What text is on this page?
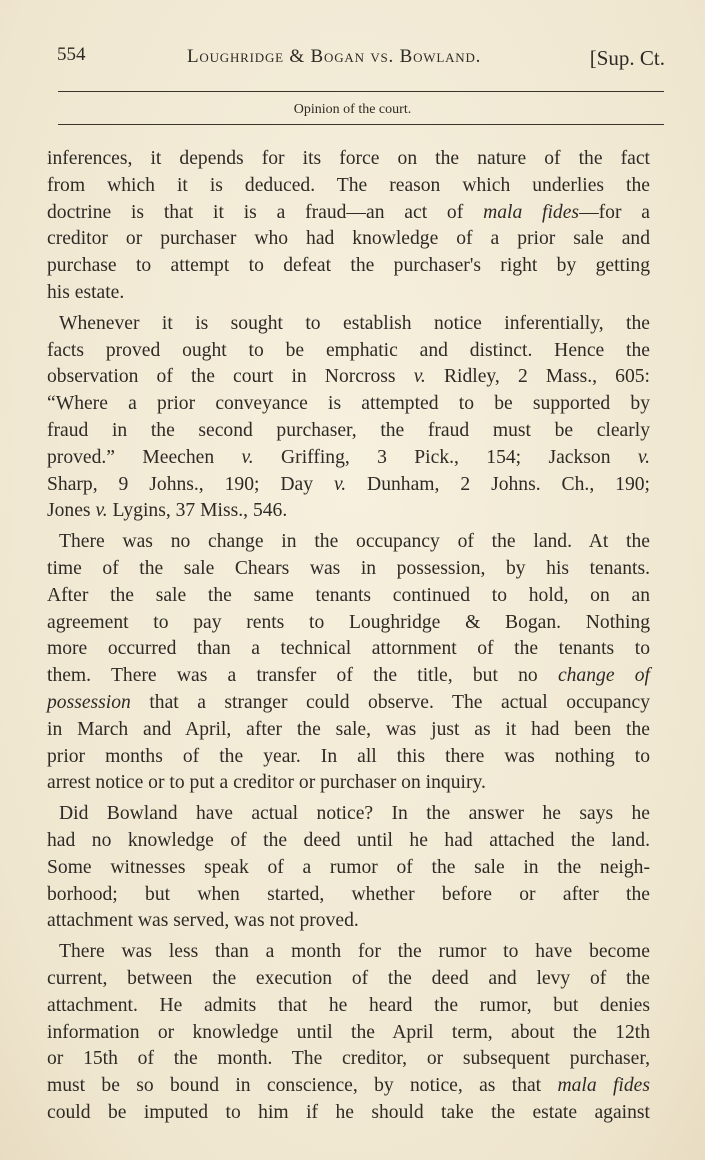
554	Loughridge & Bogan vs. Bowland.	[Sup. Ct.
Opinion of the court.
inferences, it depends for its force on the nature of the fact
from which it is deduced. The reason which underlies the
doctrine is that it is a fraud—an act of mala fides—for a
creditor or purchaser who had knowledge of a prior sale and
purchase to attempt to defeat the purchaser's right by getting
his estate.
Whenever it is sought to establish notice inferentially, the
facts proved ought to be emphatic and distinct. Hence the
observation of the court in Norcross v. Ridley, 2 Mass., 605:
“Where a prior conveyance is attempted to be supported by
fraud in the second purchaser, the fraud must be clearly
proved.” Meechen v. Griffing, 3 Pick., 154; Jackson v.
Sharp, 9 Johns., 190; Day v. Dunham, 2 Johns. Ch., 190;
Jones v. Lygins, 37 Miss., 546.
There was no change in the occupancy of the land. At the
time of the sale Chears was in possession, by his tenants.
After the sale the same tenants continued to hold, on an
agreement to pay rents to Loughridge & Bogan. Nothing
more occurred than a technical attornment of the tenants to
them. There was a transfer of the title, but no change of
possession that a stranger could observe. The actual occupancy
in March and April, after the sale, was just as it had been the
prior months of the year. In all this there was nothing to
arrest notice or to put a creditor or purchaser on inquiry.
Did Bowland have actual notice? In the answer he says he
had no knowledge of the deed until he had attached the land.
Some witnesses speak of a rumor of the sale in the neigh-
borhood; but when started, whether before or after the
attachment was served, was not proved.
There was less than a month for the rumor to have become
current, between the execution of the deed and levy of the
attachment. He admits that he heard the rumor, but denies
information or knowledge until the April term, about the 12th
or 15th of the month. The creditor, or subsequent purchaser,
must be so bound in conscience, by notice, as that mala fides
could be imputed to him if he should take the estate against
